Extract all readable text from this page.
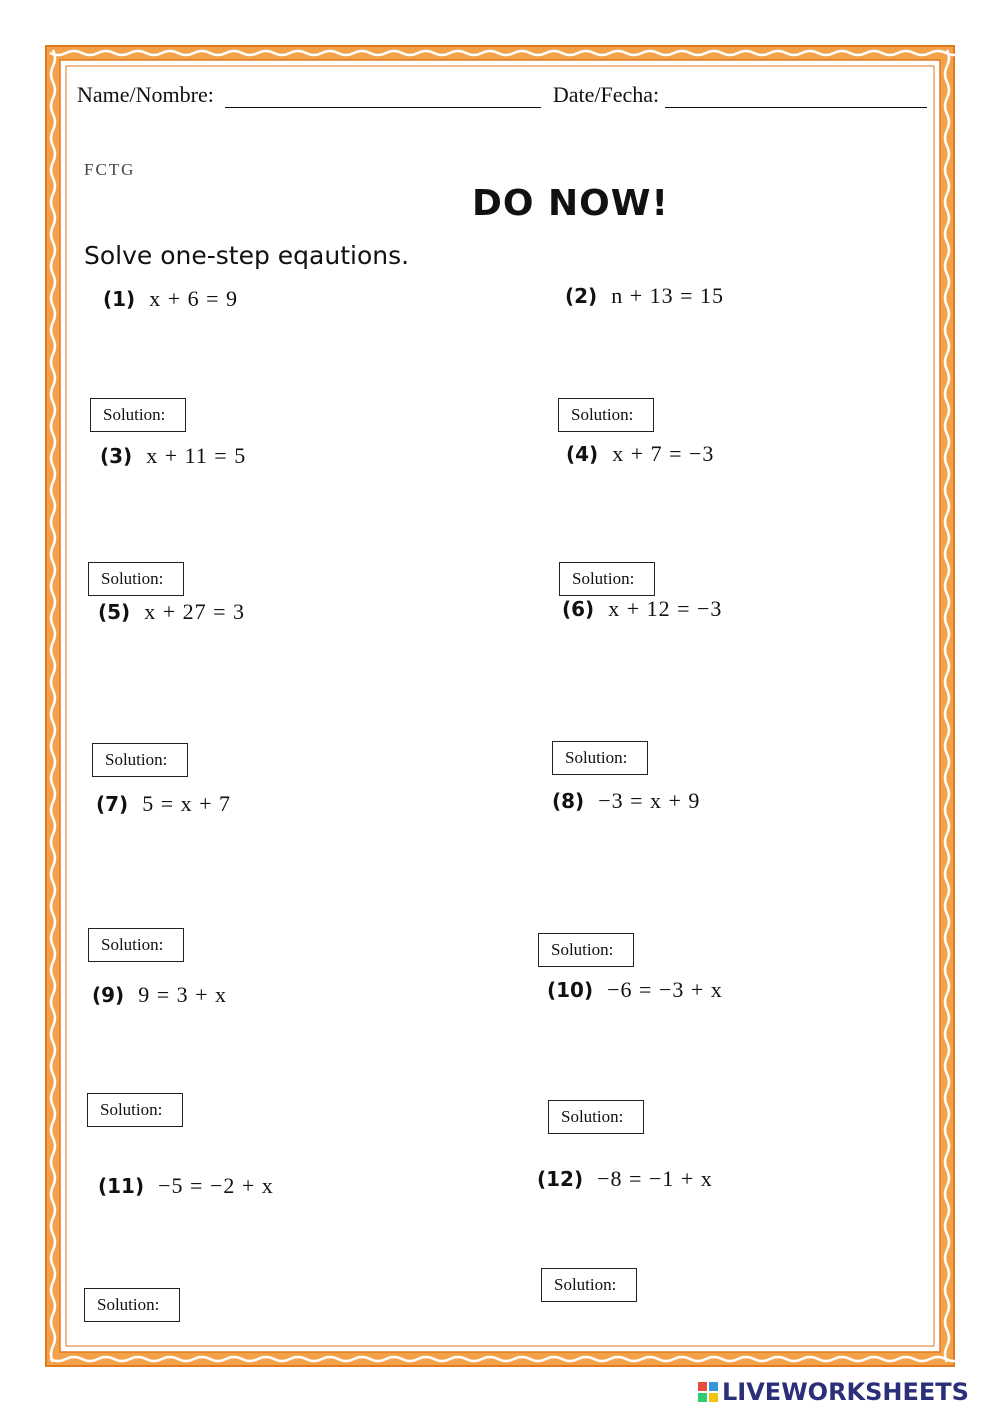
Name/Nombre:	Date/Fecha:
FCTG
DO NOW!
Solve one-step eqautions.
(1) x + 6 = 9	(2) n + 13 = 15
Solution:	Solution:
(3) x + 11 = 5	(4) x + 7 = −3
Solution:	Solution:
(5) x + 27 = 3	(6) x + 12 = −3
Solution:	Solution:
(7) 5 = x + 7	(8) −3 = x + 9
Solution:	Solution:
(9) 9 = 3 + x	(10) −6 = −3 + x
Solution:	Solution:
(11) −5 = −2 + x	(12) −8 = −1 + x
Solution:
Solution:
LIVEWORKSHEETS
